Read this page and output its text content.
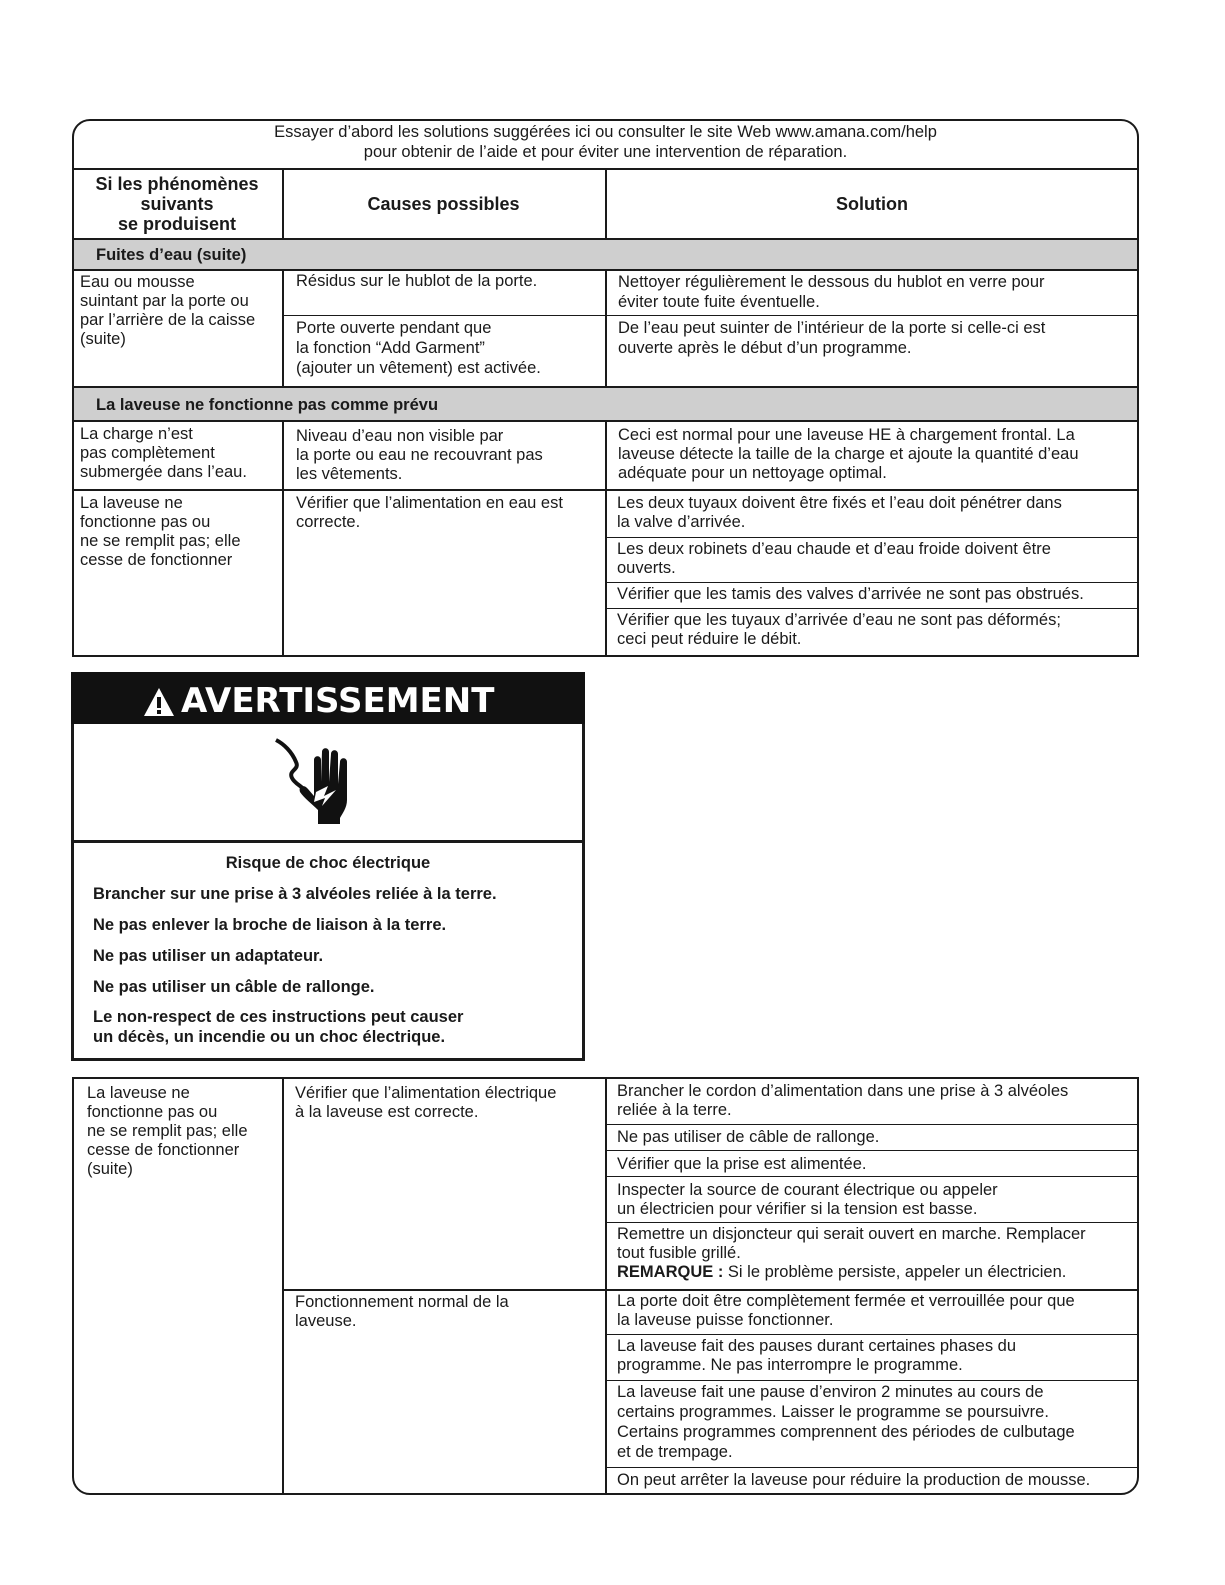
Essayer d’abord les solutions suggérées ici ou consulter le site Web www.amana.com/help
pour obtenir de l’aide et pour éviter une intervention de réparation.
Si les phénomènes
suivants
se produisent
Causes possibles	Solution
Fuites d’eau (suite)
Eau ou mousse
suintant par la porte ou
par l’arrière de la caisse
(suite)
Résidus sur le hublot de la porte.	Nettoyer régulièrement le dessous du hublot en verre pour
éviter toute fuite éventuelle.
Porte ouverte pendant que
la fonction “Add Garment”
(ajouter un vêtement) est activée.
De l’eau peut suinter de l’intérieur de la porte si celle-ci est
ouverte après le début d’un programme.
La laveuse ne fonctionne pas comme prévu
La charge n’est
pas complètement
submergée dans l’eau.
Niveau d’eau non visible par
la porte ou eau ne recouvrant pas
les vêtements.
Ceci est normal pour une laveuse HE à chargement frontal. La
laveuse détecte la taille de la charge et ajoute la quantité d’eau
adéquate pour un nettoyage optimal.
La laveuse ne
fonctionne pas ou
ne se remplit pas; elle
cesse de fonctionner
Vérifier que l’alimentation en eau est
correcte.
Les deux tuyaux doivent être fixés et l’eau doit pénétrer dans
la valve d’arrivée.
Les deux robinets d’eau chaude et d’eau froide doivent être
ouverts.
Vérifier que les tamis des valves d’arrivée ne sont pas obstrués.
Vérifier que les tuyaux d’arrivée d’eau ne sont pas déformés;
ceci peut réduire le débit.
AVERTISSEMENT
Risque de choc électrique
Brancher sur une prise à 3 alvéoles reliée à la terre.
Ne pas enlever la broche de liaison à la terre.
Ne pas utiliser un adaptateur.
Ne pas utiliser un câble de rallonge.
Le non-respect de ces instructions peut causer
un décès, un incendie ou un choc électrique.
La laveuse ne
fonctionne pas ou
ne se remplit pas; elle
cesse de fonctionner
(suite)
Vérifier que l’alimentation électrique
à la laveuse est correcte.
Brancher le cordon d’alimentation dans une prise à 3 alvéoles
reliée à la terre.
Ne pas utiliser de câble de rallonge.
Vérifier que la prise est alimentée.
Inspecter la source de courant électrique ou appeler
un électricien pour vérifier si la tension est basse.
Remettre un disjoncteur qui serait ouvert en marche. Remplacer
tout fusible grillé.
REMARQUE : Si le problème persiste, appeler un électricien.
Fonctionnement normal de la
laveuse.
La porte doit être complètement fermée et verrouillée pour que
la laveuse puisse fonctionner.
La laveuse fait des pauses durant certaines phases du
programme. Ne pas interrompre le programme.
La laveuse fait une pause d’environ 2 minutes au cours de
certains programmes. Laisser le programme se poursuivre.
Certains programmes comprennent des périodes de culbutage
et de trempage.
On peut arrêter la laveuse pour réduire la production de mousse.
